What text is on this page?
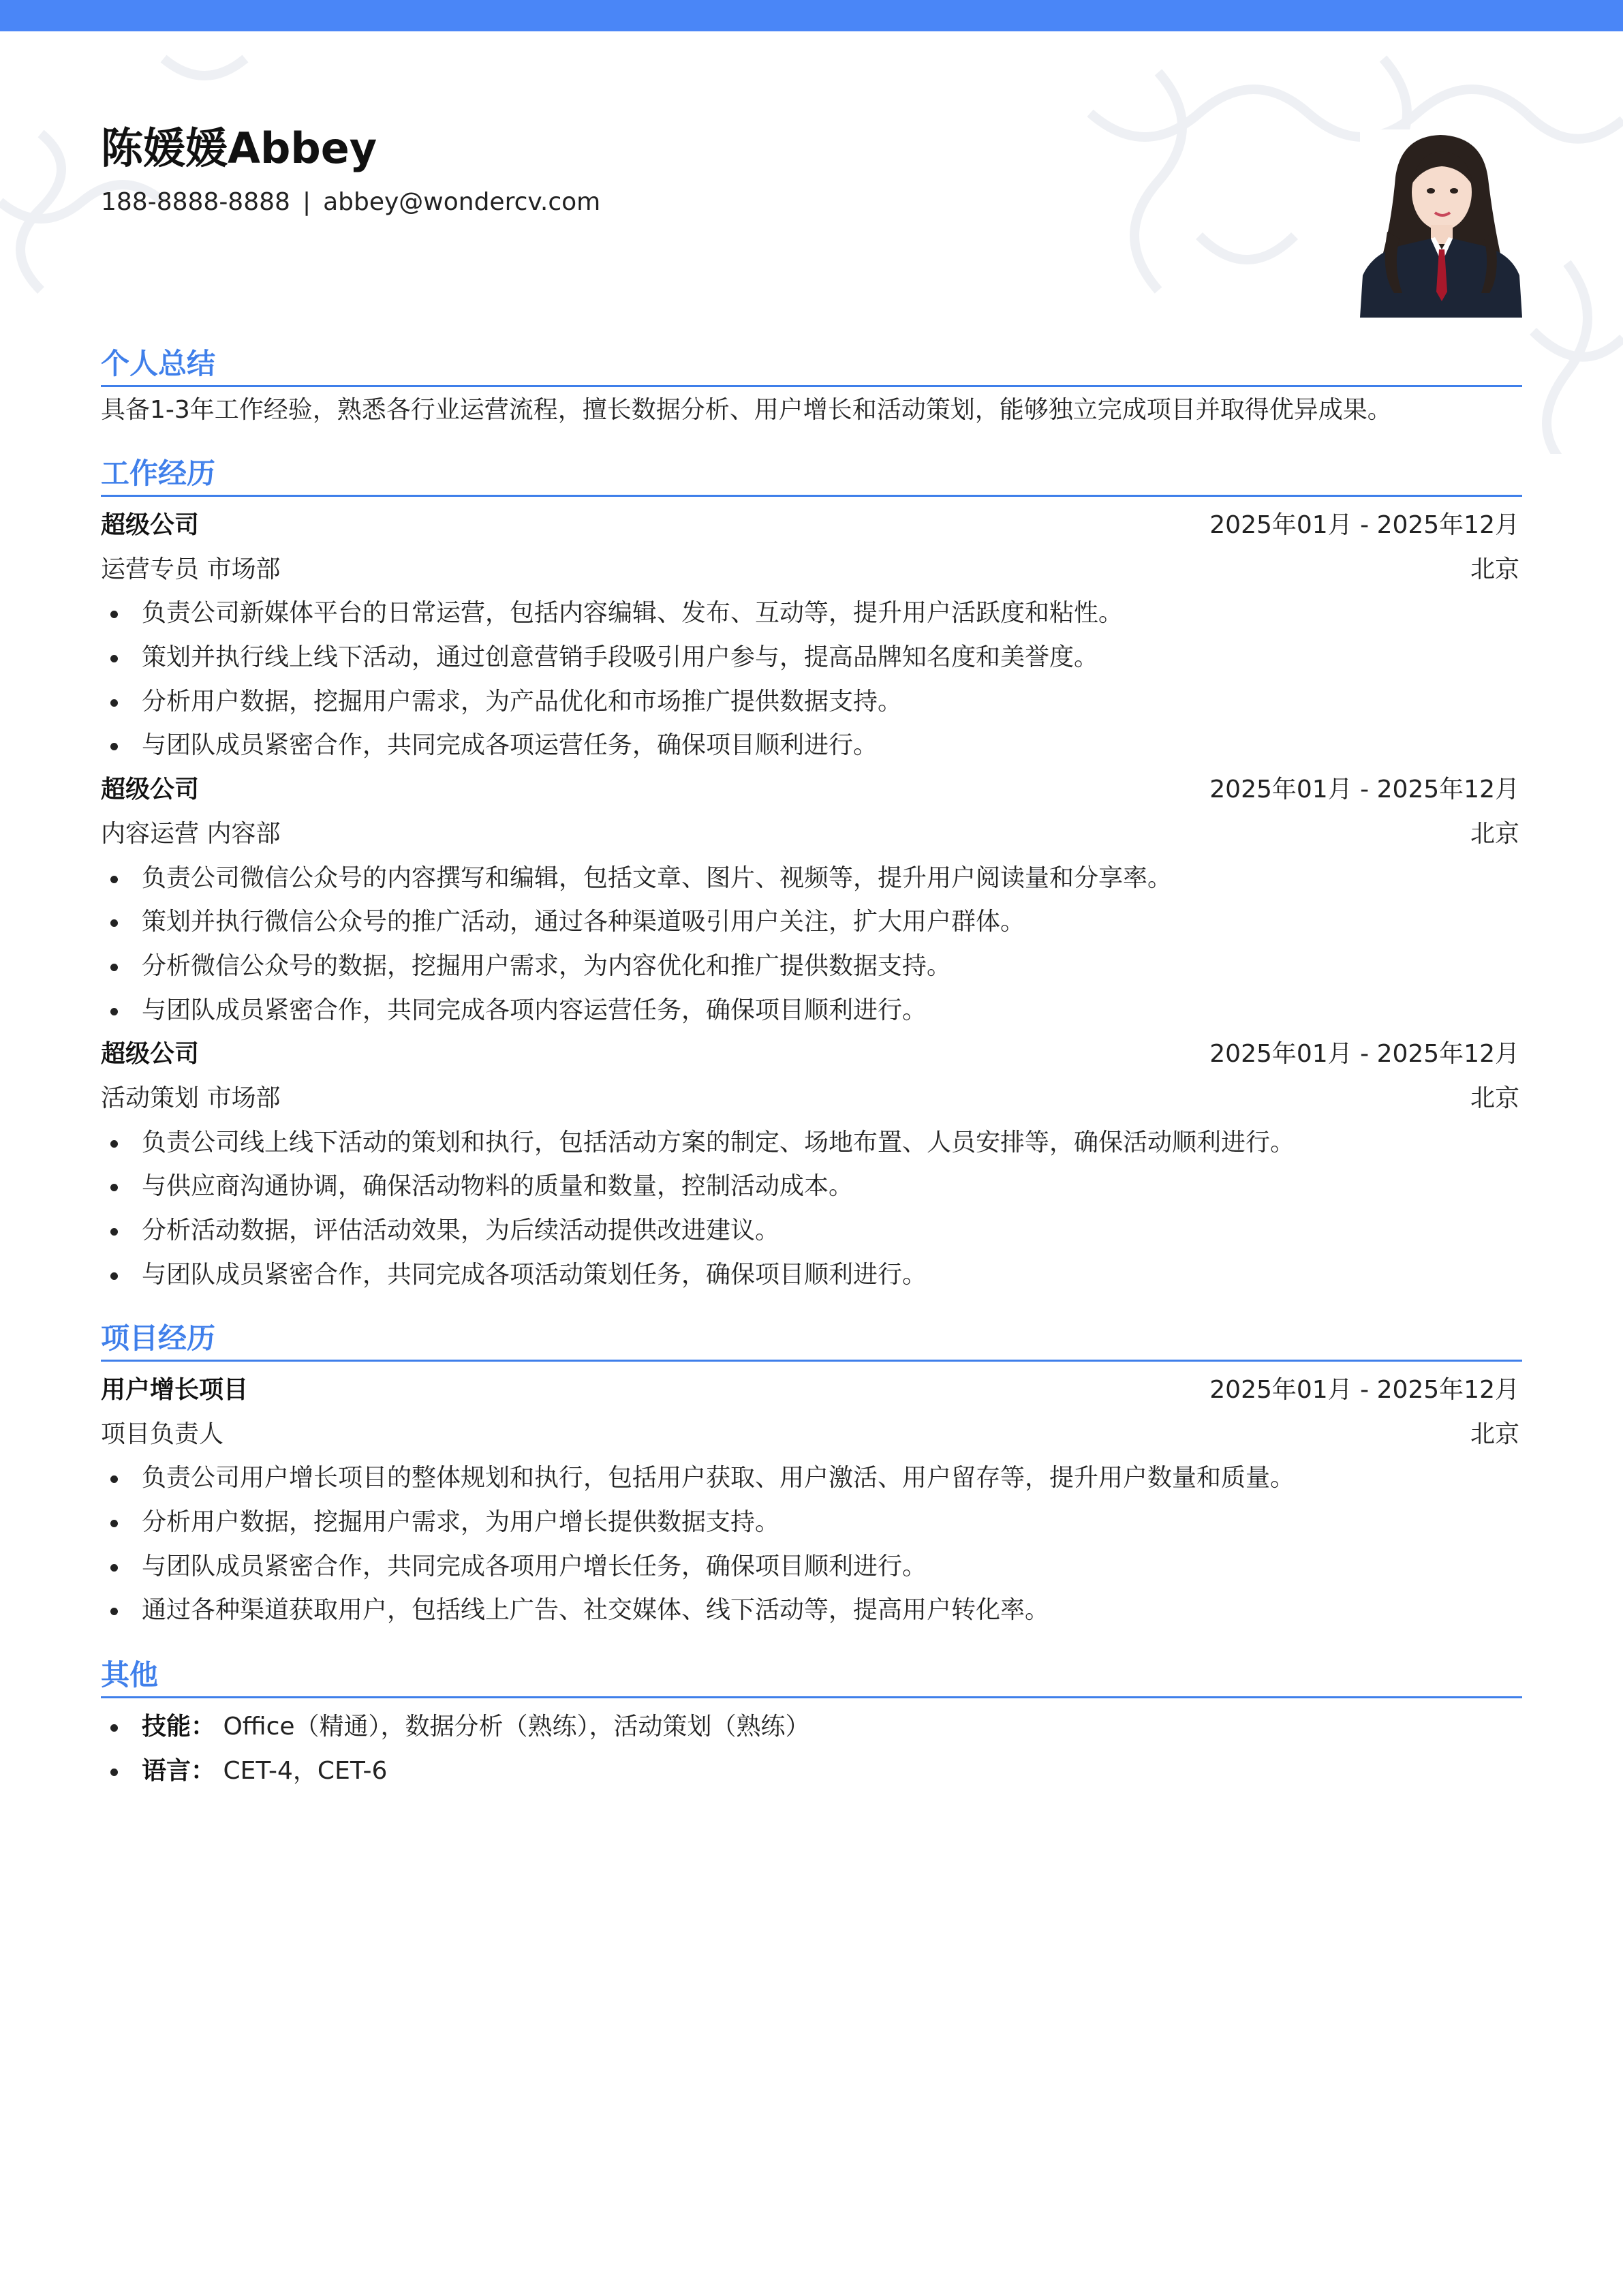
陈媛媛Abbey
188-8888-8888 | abbey@wondercv.com
个人总结
具备1-3年工作经验，熟悉各行业运营流程，擅长数据分析、用户增长和活动策划，能够独立完成项目并取得优异成果。
工作经历
超级公司	2025年01月 - 2025年12月
运营专员 市场部	北京
负责公司新媒体平台的日常运营，包括内容编辑、发布、互动等，提升用户活跃度和粘性。
策划并执行线上线下活动，通过创意营销手段吸引用户参与，提高品牌知名度和美誉度。
分析用户数据，挖掘用户需求，为产品优化和市场推广提供数据支持。
与团队成员紧密合作，共同完成各项运营任务，确保项目顺利进行。
超级公司	2025年01月 - 2025年12月
内容运营 内容部	北京
负责公司微信公众号的内容撰写和编辑，包括文章、图片、视频等，提升用户阅读量和分享率。
策划并执行微信公众号的推广活动，通过各种渠道吸引用户关注，扩大用户群体。
分析微信公众号的数据，挖掘用户需求，为内容优化和推广提供数据支持。
与团队成员紧密合作，共同完成各项内容运营任务，确保项目顺利进行。
超级公司	2025年01月 - 2025年12月
活动策划 市场部	北京
负责公司线上线下活动的策划和执行，包括活动方案的制定、场地布置、人员安排等，确保活动顺利进行。
与供应商沟通协调，确保活动物料的质量和数量，控制活动成本。
分析活动数据，评估活动效果，为后续活动提供改进建议。
与团队成员紧密合作，共同完成各项活动策划任务，确保项目顺利进行。
项目经历
用户增长项目	2025年01月 - 2025年12月
项目负责人	北京
负责公司用户增长项目的整体规划和执行，包括用户获取、用户激活、用户留存等，提升用户数量和质量。
分析用户数据，挖掘用户需求，为用户增长提供数据支持。
与团队成员紧密合作，共同完成各项用户增长任务，确保项目顺利进行。
通过各种渠道获取用户，包括线上广告、社交媒体、线下活动等，提高用户转化率。
其他
技能： Office（精通），数据分析（熟练），活动策划（熟练）
语言： CET-4，CET-6
